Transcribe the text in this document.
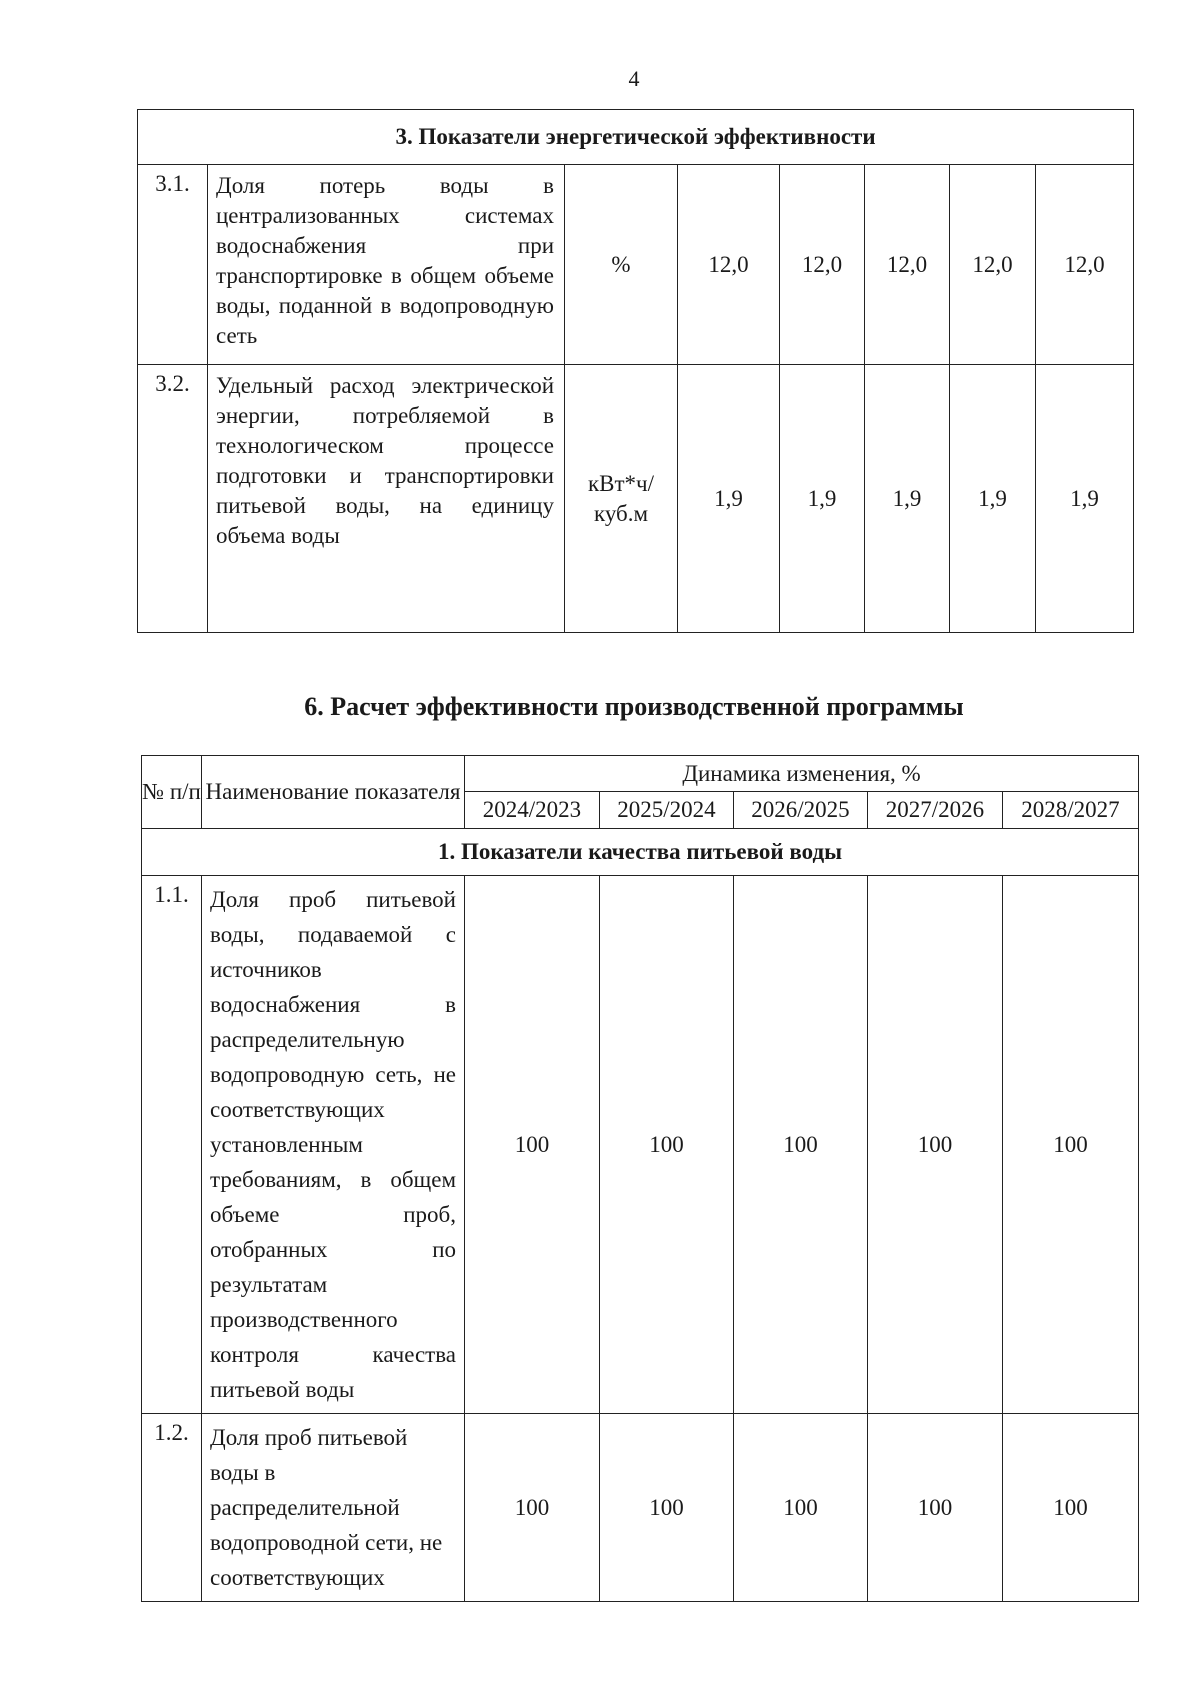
4
3. Показатели энергетической эффективности							
3.1.	Доля потерь воды в централизованных системах водоснабжения при транспортировке в общем объеме воды, поданной в водопроводную сеть	%	12,0	12,0	12,0	12,0	12,0
3.2.	Удельный расход электрической энергии, потребляемой в технологическом процессе подготовки и транспортировки питьевой воды, на единицу объема воды	кВт*ч/ куб.м	1,9	1,9	1,9	1,9	1,9
6. Расчет эффективности производственной программы
№ п/п	Наименование показателя	Динамика изменения, %				
		2024/2023	2025/2024	2026/2025	2027/2026	2028/2027
1. Показатели качества питьевой воды						
1.1.	Доля проб питьевой воды, подаваемой с источников водоснабжения в распределительную водопроводную сеть, не соответствующих установленным требованиям, в общем объеме проб, отобранных по результатам производственного контроля качества питьевой воды	100	100	100	100	100
1.2.	Доля проб питьевой воды в распределительной водопроводной сети, не соответствующих	100	100	100	100	100
